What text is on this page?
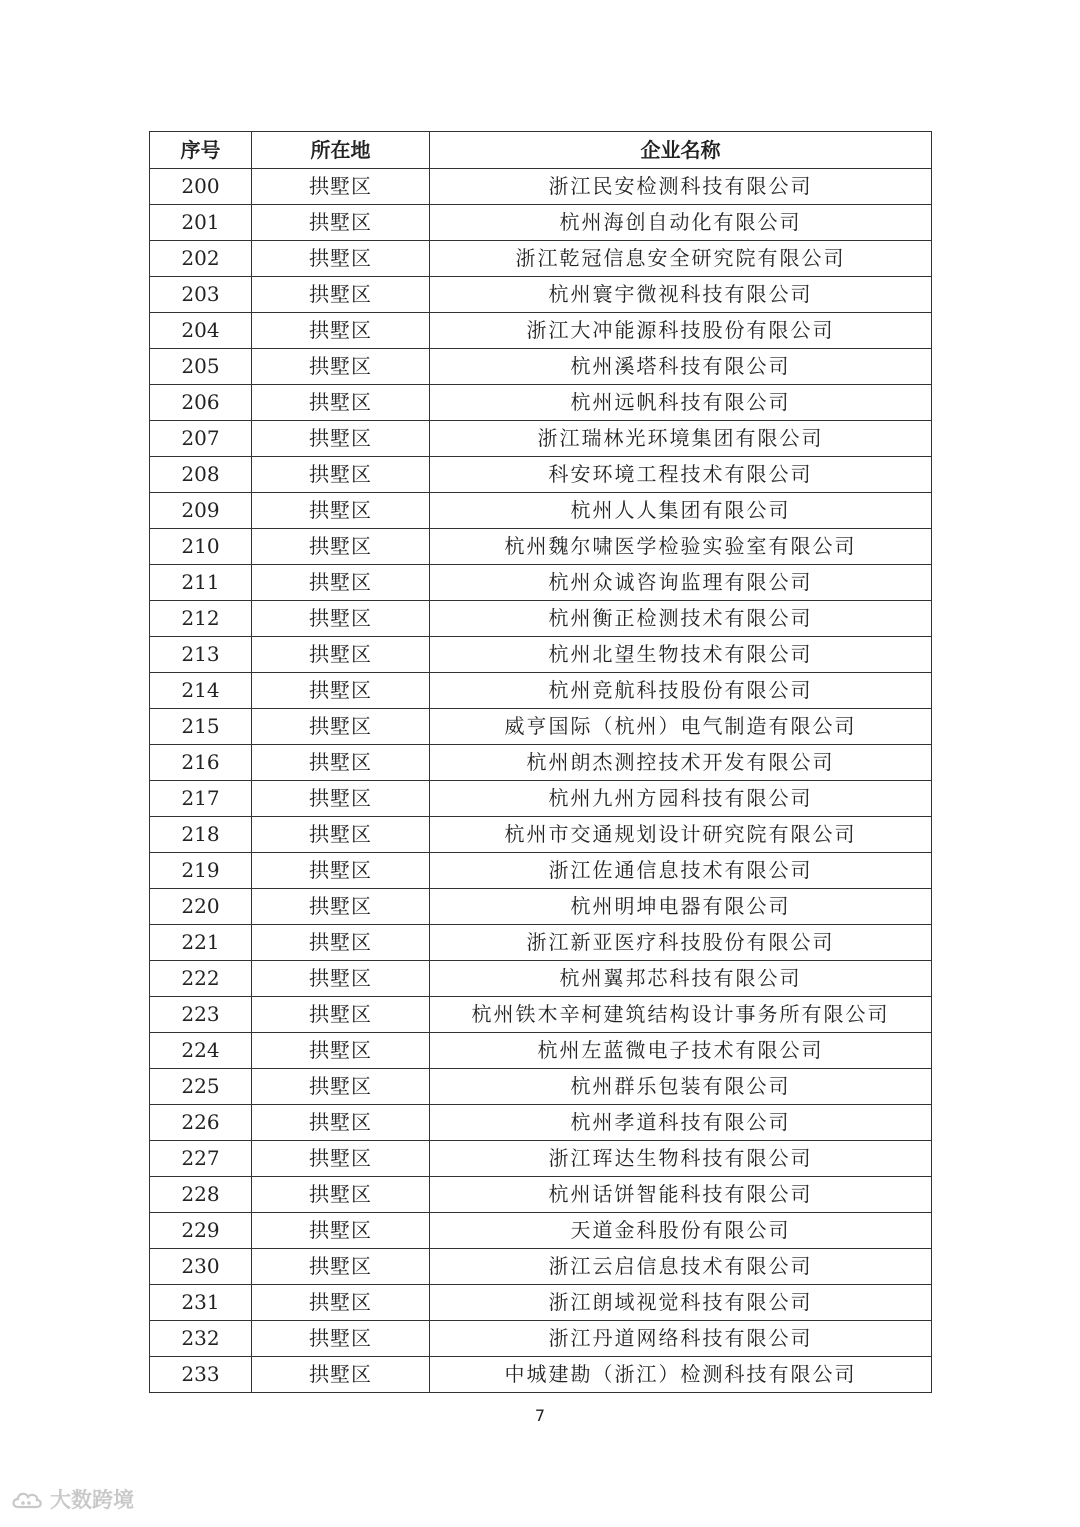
序号	所在地	企业名称
200	拱墅区	浙江民安检测科技有限公司
201	拱墅区	杭州海创自动化有限公司
202	拱墅区	浙江乾冠信息安全研究院有限公司
203	拱墅区	杭州寰宇微视科技有限公司
204	拱墅区	浙江大冲能源科技股份有限公司
205	拱墅区	杭州溪塔科技有限公司
206	拱墅区	杭州远帆科技有限公司
207	拱墅区	浙江瑞林光环境集团有限公司
208	拱墅区	科安环境工程技术有限公司
209	拱墅区	杭州人人集团有限公司
210	拱墅区	杭州魏尔啸医学检验实验室有限公司
211	拱墅区	杭州众诚咨询监理有限公司
212	拱墅区	杭州衡正检测技术有限公司
213	拱墅区	杭州北望生物技术有限公司
214	拱墅区	杭州竞航科技股份有限公司
215	拱墅区	威亨国际（杭州）电气制造有限公司
216	拱墅区	杭州朗杰测控技术开发有限公司
217	拱墅区	杭州九州方园科技有限公司
218	拱墅区	杭州市交通规划设计研究院有限公司
219	拱墅区	浙江佐通信息技术有限公司
220	拱墅区	杭州明坤电器有限公司
221	拱墅区	浙江新亚医疗科技股份有限公司
222	拱墅区	杭州翼邦芯科技有限公司
223	拱墅区	杭州铁木辛柯建筑结构设计事务所有限公司
224	拱墅区	杭州左蓝微电子技术有限公司
225	拱墅区	杭州群乐包装有限公司
226	拱墅区	杭州孝道科技有限公司
227	拱墅区	浙江珲达生物科技有限公司
228	拱墅区	杭州话饼智能科技有限公司
229	拱墅区	天道金科股份有限公司
230	拱墅区	浙江云启信息技术有限公司
231	拱墅区	浙江朗域视觉科技有限公司
232	拱墅区	浙江丹道网络科技有限公司
233	拱墅区	中城建勘（浙江）检测科技有限公司
7
大数跨境
